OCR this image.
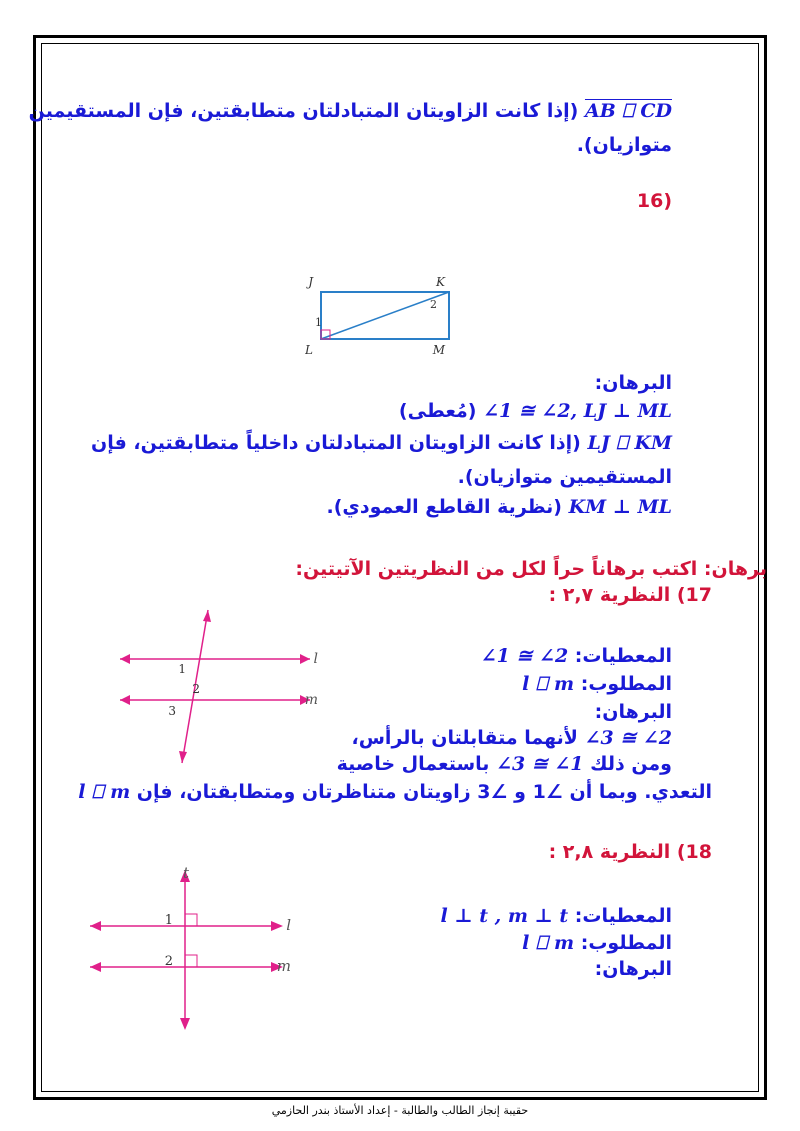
AB ⎕ CD (إذا كانت الزاويتان المتبادلتان متطابقتين، فإن المستقيمين
متوازيان).
(16
J	K
L	M
1
2
البرهان:
∠1 ≅ ∠2, LJ ⊥ ML (مُعطى)
LJ ⎕ KM (إذا كانت الزاويتان المتبادلتان داخلياً متطابقتين، فإن
المستقيمين متوازيان).
KM ⊥ ML (نظرية القاطع العمودي).
برهان: اكتب برهاناً حراً لكل من النظريتين الآتيتين:
17) النظرية ٢,٧ :
l
m
1
2
3
المعطيات: ∠1 ≅ ∠2
المطلوب: l ⎕ m
البرهان:
∠3 ≅ ∠2 لأنهما متقابلتان بالرأس،
ومن ذلك ∠3 ≅ ∠1 باستعمال خاصية
التعدي. وبما أن ∠1 و ∠3 زاويتان متناظرتان ومتطابقتان، فإن l ⎕ m
18) النظرية ٢,٨ :
t
l
m
1
2
المعطيات: l ⊥ t , m ⊥ t
المطلوب: l ⎕ m
البرهان:
حقيبة إنجاز الطالب والطالبة - إعداد الأستاذ بندر الحازمي
